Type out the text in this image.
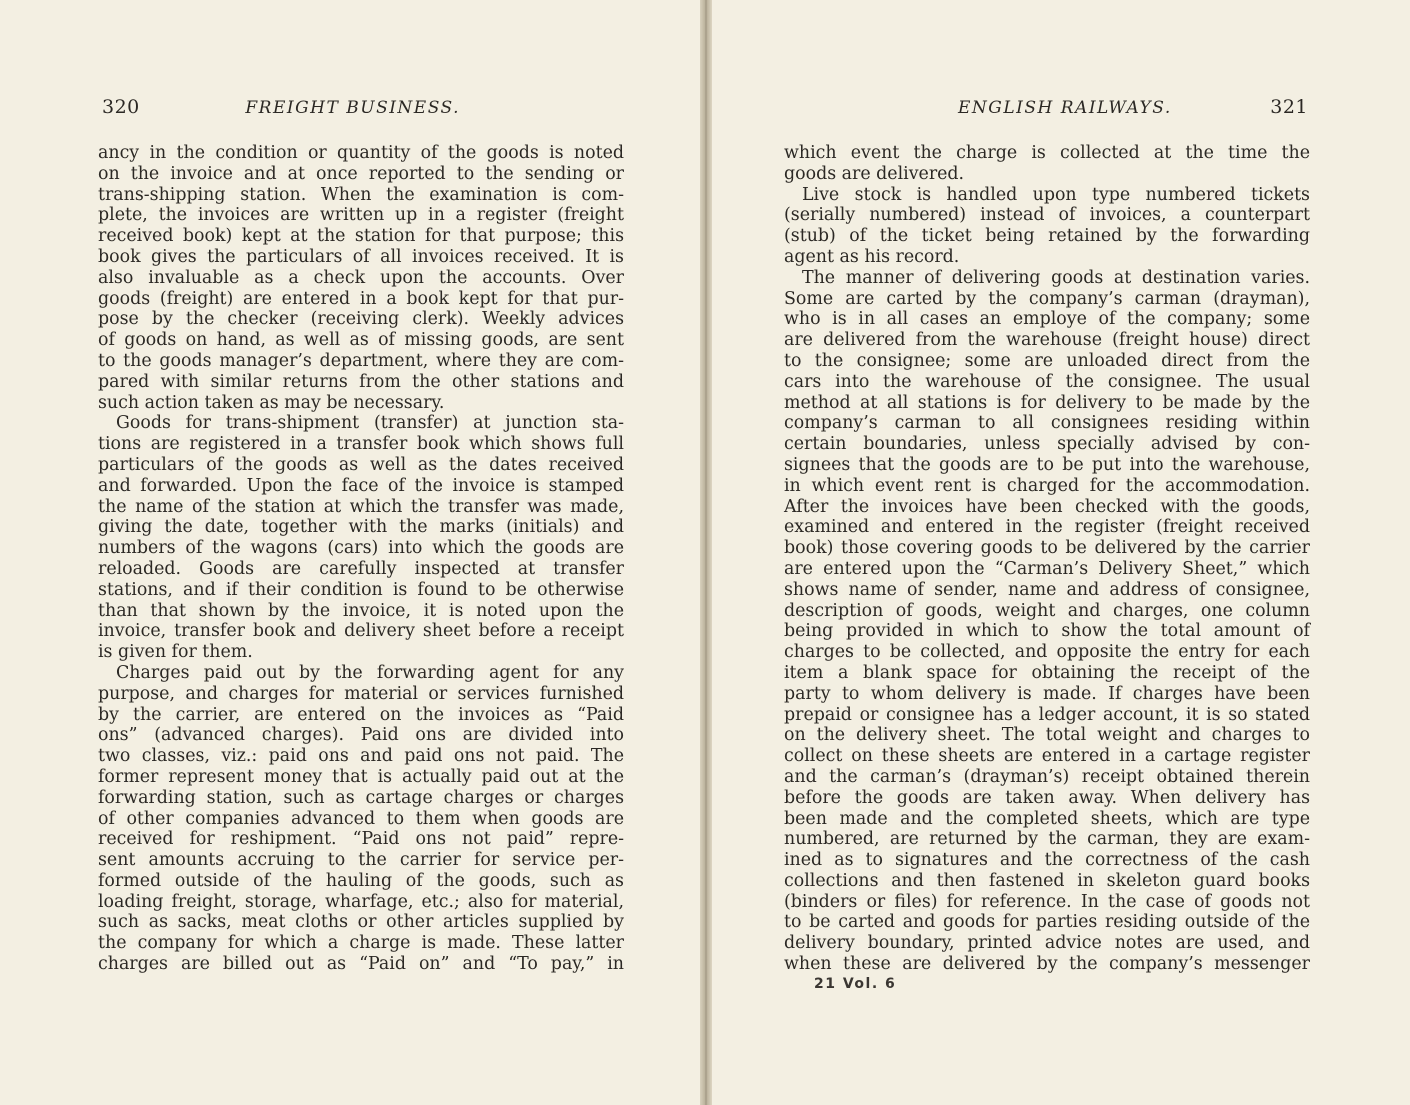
320	FREIGHT BUSINESS.
ancy in the condition or quantity of the goods is noted
on the invoice and at once reported to the sending or
trans-shipping station. When the examination is com-
plete, the invoices are written up in a register (freight
received book) kept at the station for that purpose; this
book gives the particulars of all invoices received. It is
also invaluable as a check upon the accounts. Over
goods (freight) are entered in a book kept for that pur-
pose by the checker (receiving clerk). Weekly advices
of goods on hand, as well as of missing goods, are sent
to the goods manager’s department, where they are com-
pared with similar returns from the other stations and
such action taken as may be necessary.
Goods for trans-shipment (transfer) at junction sta-
tions are registered in a transfer book which shows full
particulars of the goods as well as the dates received
and forwarded. Upon the face of the invoice is stamped
the name of the station at which the transfer was made,
giving the date, together with the marks (initials) and
numbers of the wagons (cars) into which the goods are
reloaded. Goods are carefully inspected at transfer
stations, and if their condition is found to be otherwise
than that shown by the invoice, it is noted upon the
invoice, transfer book and delivery sheet before a receipt
is given for them.
Charges paid out by the forwarding agent for any
purpose, and charges for material or services furnished
by the carrier, are entered on the invoices as “Paid
ons” (advanced charges). Paid ons are divided into
two classes, viz.: paid ons and paid ons not paid. The
former represent money that is actually paid out at the
forwarding station, such as cartage charges or charges
of other companies advanced to them when goods are
received for reshipment. “Paid ons not paid” repre-
sent amounts accruing to the carrier for service per-
formed outside of the hauling of the goods, such as
loading freight, storage, wharfage, etc.; also for material,
such as sacks, meat cloths or other articles supplied by
the company for which a charge is made. These latter
charges are billed out as “Paid on” and “To pay,” in
ENGLISH RAILWAYS.	321
which event the charge is collected at the time the
goods are delivered.
Live stock is handled upon type numbered tickets
(serially numbered) instead of invoices, a counterpart
(stub) of the ticket being retained by the forwarding
agent as his record.
The manner of delivering goods at destination varies.
Some are carted by the company’s carman (drayman),
who is in all cases an employe of the company; some
are delivered from the warehouse (freight house) direct
to the consignee; some are unloaded direct from the
cars into the warehouse of the consignee. The usual
method at all stations is for delivery to be made by the
company’s carman to all consignees residing within
certain boundaries, unless specially advised by con-
signees that the goods are to be put into the warehouse,
in which event rent is charged for the accommodation.
After the invoices have been checked with the goods,
examined and entered in the register (freight received
book) those covering goods to be delivered by the carrier
are entered upon the “Carman’s Delivery Sheet,” which
shows name of sender, name and address of consignee,
description of goods, weight and charges, one column
being provided in which to show the total amount of
charges to be collected, and opposite the entry for each
item a blank space for obtaining the receipt of the
party to whom delivery is made. If charges have been
prepaid or consignee has a ledger account, it is so stated
on the delivery sheet. The total weight and charges to
collect on these sheets are entered in a cartage register
and the carman’s (drayman’s) receipt obtained therein
before the goods are taken away. When delivery has
been made and the completed sheets, which are type
numbered, are returned by the carman, they are exam-
ined as to signatures and the correctness of the cash
collections and then fastened in skeleton guard books
(binders or files) for reference. In the case of goods not
to be carted and goods for parties residing outside of the
delivery boundary, printed advice notes are used, and
when these are delivered by the company’s messenger
21 Vol. 6
